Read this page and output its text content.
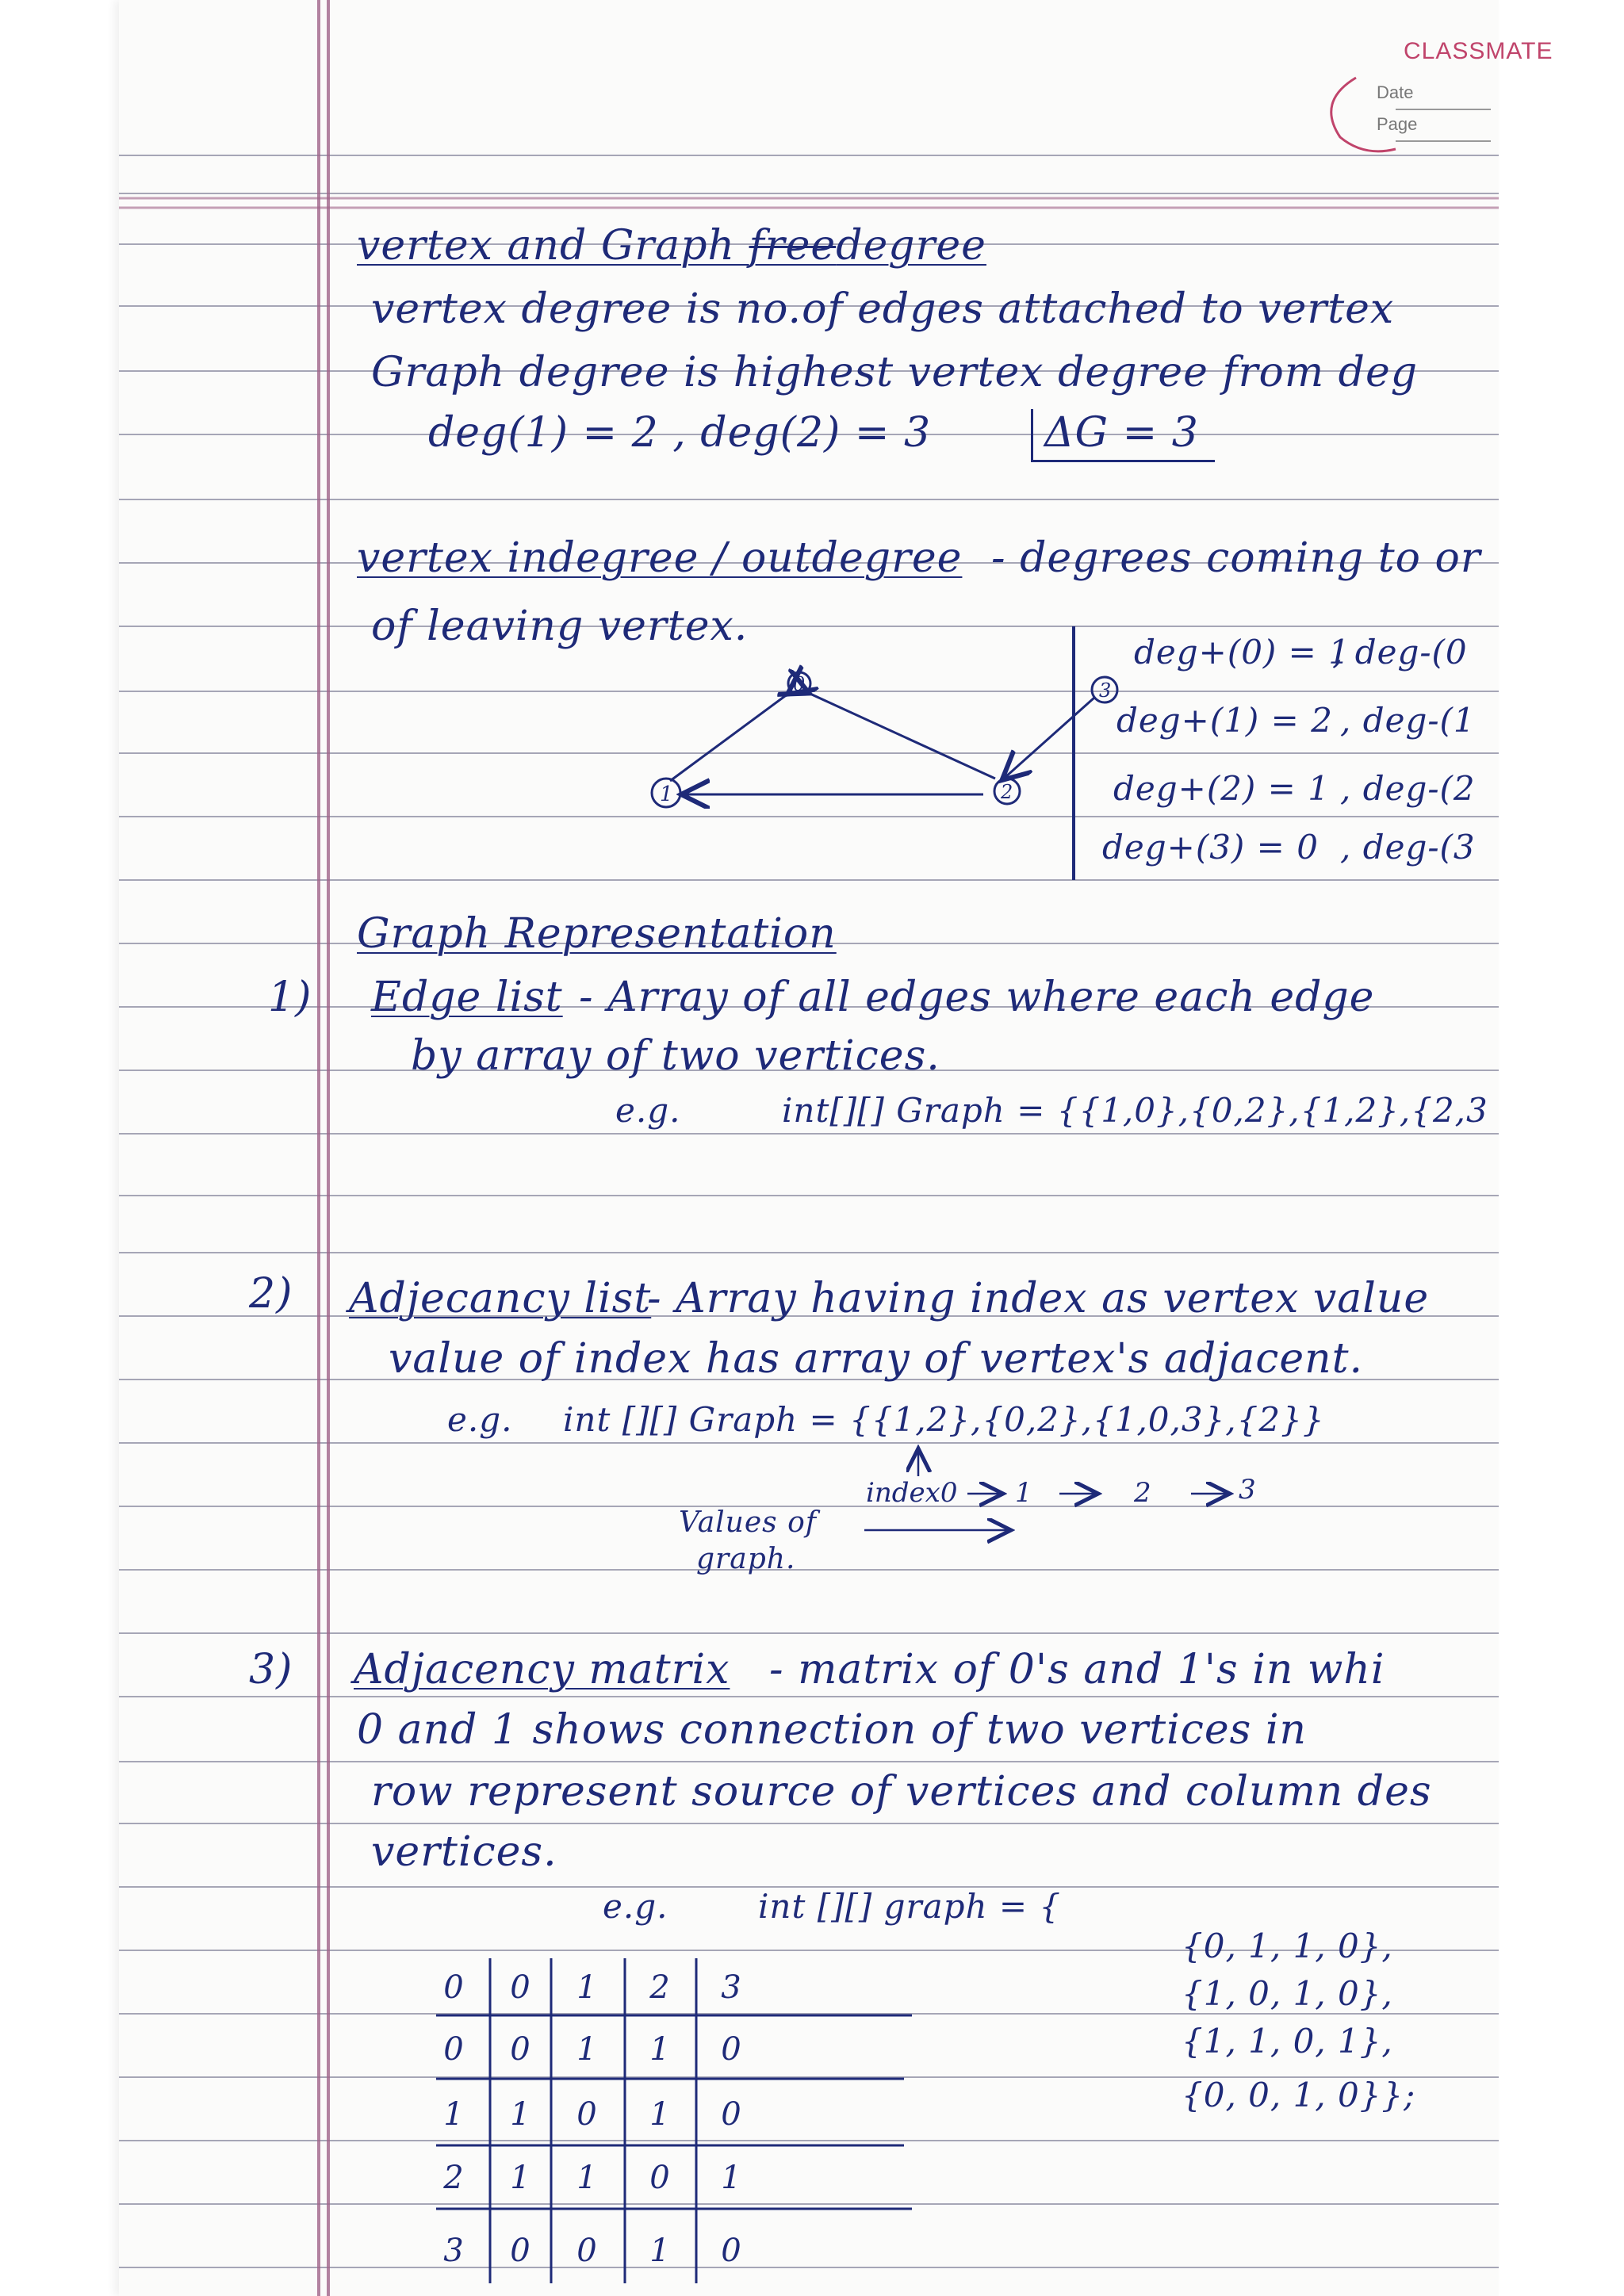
CLASSMATE
Date
Page
vertex and Graph freedegree
vertex degree is no.of edges attached to vertex
Graph degree is highest vertex degree from deg
deg(1) = 2 , deg(2) = 3	ΔG = 3
vertex indegree / outdegree - degrees coming to or
of leaving vertex.
0
1	2
3
deg+(0) = 1
, deg-(0
deg+(1) = 2 , deg-(1
deg+(2) = 1 , deg-(2
deg+(3) = 0 , deg-(3
Graph Representation
1) Edge list - Array of all edges where each edge
by array of two vertices.
e.g.	int[][] Graph = {{1,0},{0,2},{1,2},{2,3
2) Adjecancy list
- Array having index as vertex value
value of index has array of vertex's adjacent.
e.g. int [][] Graph = {{1,2},{0,2},{1,0,3},{2}}
index0 1	2	3
Values of
graph.
3) Adjacency matrix - matrix of 0's and 1's in whi
0 and 1 shows connection of two vertices in
row represent source of vertices and column des
vertices.
e.g.	int [][] graph = {
{0, 1, 1, 0},
{1, 0, 1, 0},
{1, 1, 0, 1},
{0, 0, 1, 0}};
0 0 1 2 3
0 0 1 1 0
1 1 0 1 0
2 1 1 0 1
3 0 0 1 0
